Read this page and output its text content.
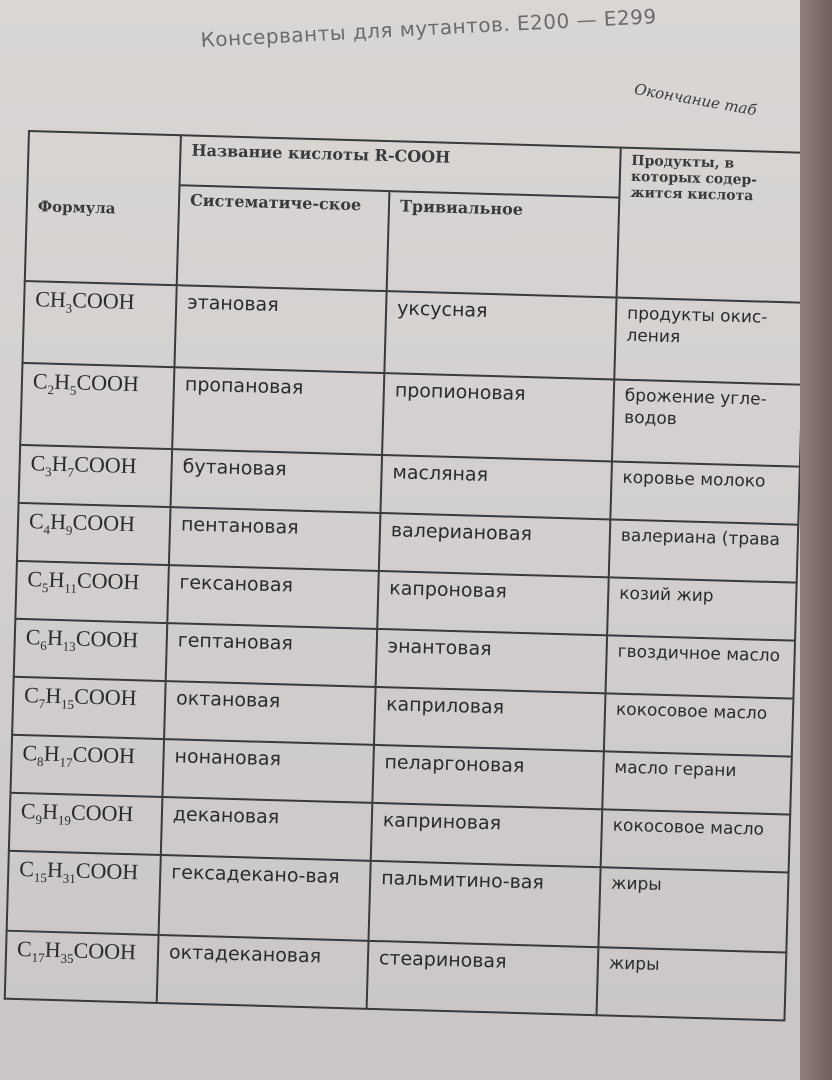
Консерванты для мутантов. Е200 — Е299
Окончание таб
Формула	Название кислоты R-COOH		Продукты, в которых содер-жится кислота
	Систематиче-ское	Тривиальное	
$CH_3COOH$	этановая	уксусная	продукты окис-ления
$C_2H_5COOH$	пропановая	пропионовая	брожение угле-водов
$C_3H_7COOH$	бутановая	масляная	коровье молоко
$C_4H_9COOH$	пентановая	валериановая	валериана (трава
$C_5H_{11}COOH$	гексановая	капроновая	козий жир
$C_6H_{13}COOH$	гептановая	энантовая	гвоздичное масло
$C_7H_{15}COOH$	октановая	каприловая	кокосовое масло
$C_8H_{17}COOH$	нонановая	пеларгоновая	масло герани
$C_9H_{19}COOH$	декановая	каприновая	кокосовое масло
$C_{15}H_{31}COOH$	гексадекано-вая	пальмитино-вая	жиры
$C_{17}H_{35}COOH$	октадекановая	стеариновая	жиры
